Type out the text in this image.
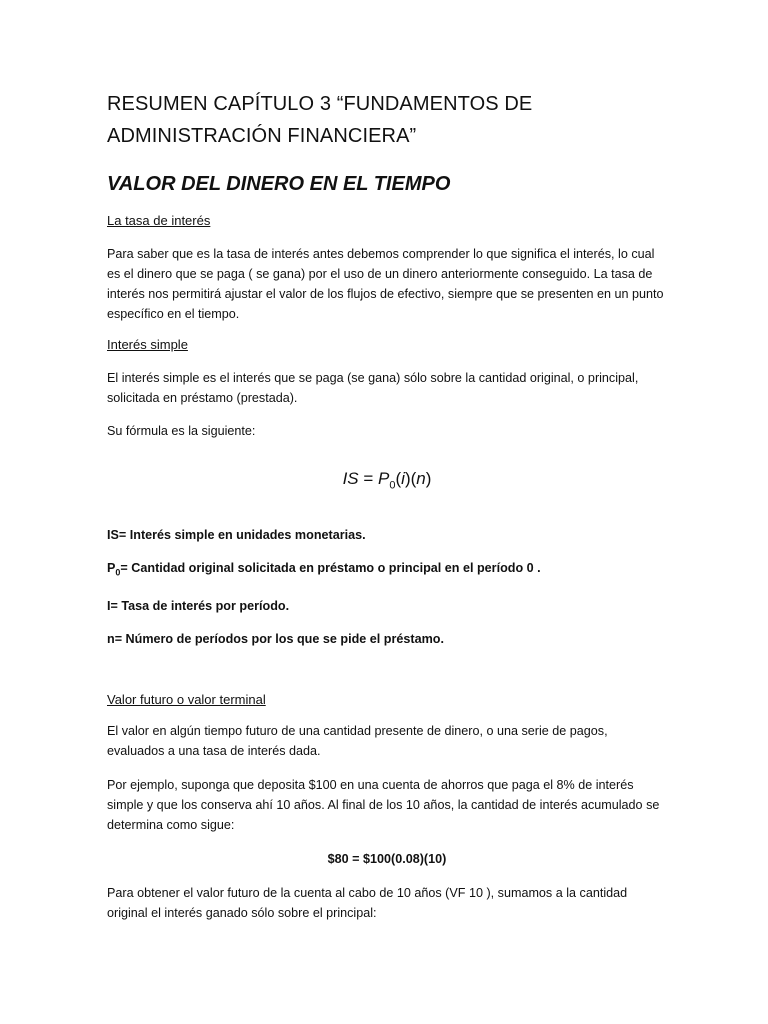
RESUMEN CAPÍTULO 3 “FUNDAMENTOS DE
ADMINISTRACIÓN FINANCIERA”
VALOR DEL DINERO EN EL TIEMPO
La tasa de interés

Para saber que es la tasa de interés antes debemos comprender lo que significa el interés, lo cual es el dinero que se paga ( se gana) por el uso de un dinero anteriormente conseguido. La tasa de interés nos permitirá ajustar el valor de los flujos de efectivo, siempre que se presenten en un punto específico en el tiempo.

Interés simple

El interés simple es el interés que se paga (se gana) sólo sobre la cantidad original, o principal, solicitada en préstamo (prestada).

Su fórmula es la siguiente:

IS = $P_0(i)(n)$
IS= Interés simple en unidades monetarias.
$P_0=$ Cantidad original solicitada en préstamo o principal en el período 0 .
I= Tasa de interés por período.
n= Número de períodos por los que se pide el préstamo.
Valor futuro o valor terminal

El valor en algún tiempo futuro de una cantidad presente de dinero, o una serie de pagos, evaluados a una tasa de interés dada.

Por ejemplo, suponga que deposita $100 en una cuenta de ahorros que paga el 8% de interés simple y que los conserva ahí 10 años. Al final de los 10 años, la cantidad de interés acumulado se determina como sigue:

$80 = $100(0.08)(10)

Para obtener el valor futuro de la cuenta al cabo de 10 años (VF 10 ), sumamos a la cantidad original el interés ganado sólo sobre el principal:
